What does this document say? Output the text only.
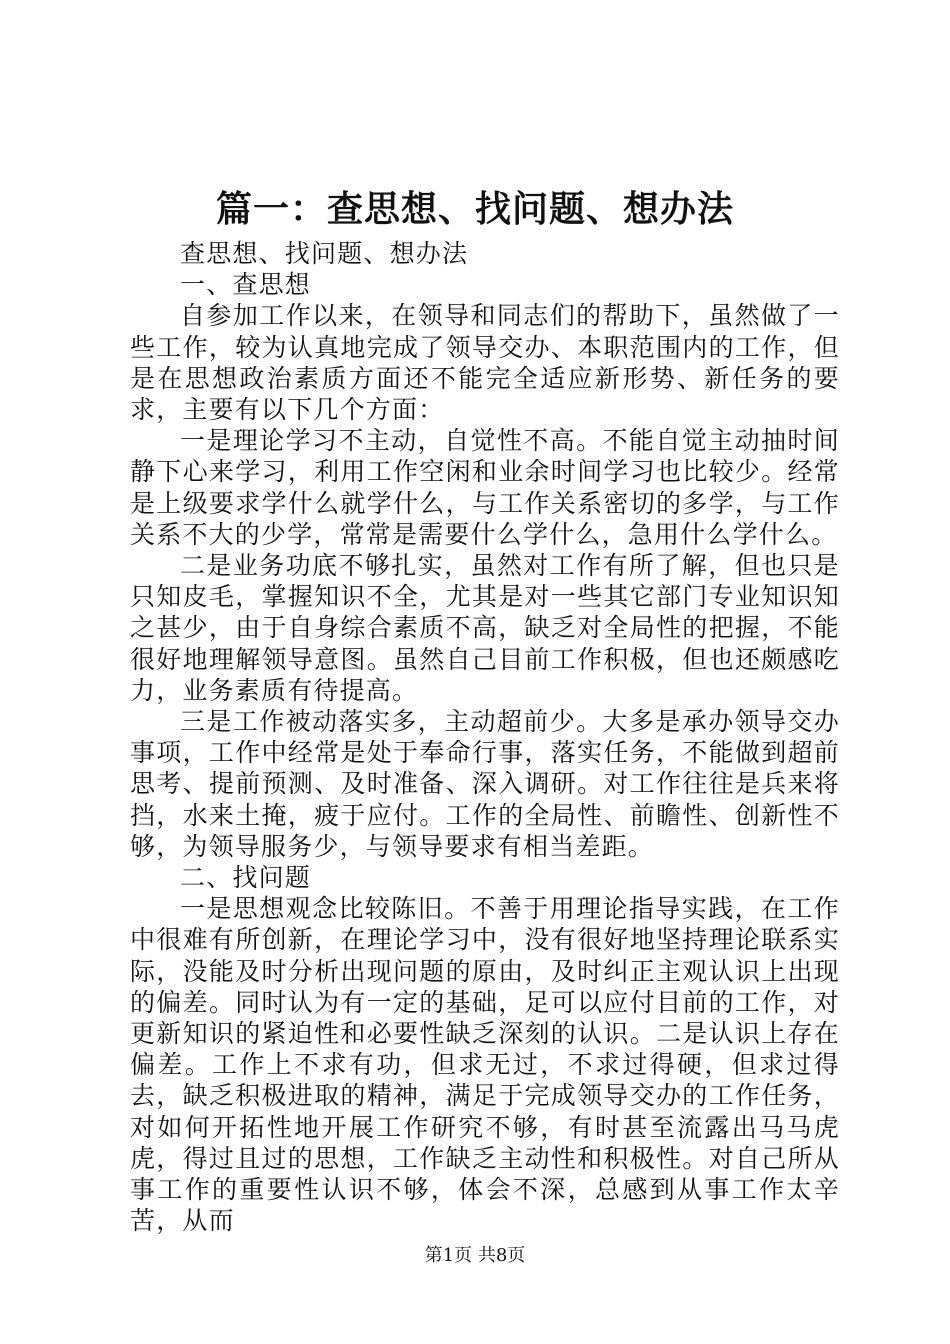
篇一：查思想、找问题、想办法

查思想、找问题、想办法

一、查思想

自参加工作以来，在领导和同志们的帮助下，虽然做了一些工作，较为认真地完成了领导交办、本职范围内的工作，但是在思想政治素质方面还不能完全适应新形势、新任务的要求，主要有以下几个方面：

一是理论学习不主动，自觉性不高。不能自觉主动抽时间静下心来学习，利用工作空闲和业余时间学习也比较少。经常是上级要求学什么就学什么，与工作关系密切的多学，与工作关系不大的少学，常常是需要什么学什么，急用什么学什么。

二是业务功底不够扎实，虽然对工作有所了解，但也只是只知皮毛，掌握知识不全，尤其是对一些其它部门专业知识知之甚少，由于自身综合素质不高，缺乏对全局性的把握，不能很好地理解领导意图。虽然自己目前工作积极，但也还颇感吃力，业务素质有待提高。

三是工作被动落实多，主动超前少。大多是承办领导交办事项，工作中经常是处于奉命行事，落实任务，不能做到超前思考、提前预测、及时准备、深入调研。对工作往往是兵来将挡，水来土掩，疲于应付。工作的全局性、前瞻性、创新性不够，为领导服务少，与领导要求有相当差距。

二、找问题

一是思想观念比较陈旧。不善于用理论指导实践，在工作中很难有所创新，在理论学习中，没有很好地坚持理论联系实际，没能及时分析出现问题的原由，及时纠正主观认识上出现的偏差。同时认为有一定的基础，足可以应付目前的工作，对更新知识的紧迫性和必要性缺乏深刻的认识。二是认识上存在偏差。工作上不求有功，但求无过，不求过得硬，但求过得去，缺乏积极进取的精神，满足于完成领导交办的工作任务，对如何开拓性地开展工作研究不够，有时甚至流露出马马虎虎，得过且过的思想，工作缺乏主动性和积极性。对自己所从事工作的重要性认识不够，体会不深，总感到从事工作太辛苦，从而

第1页 共8页
